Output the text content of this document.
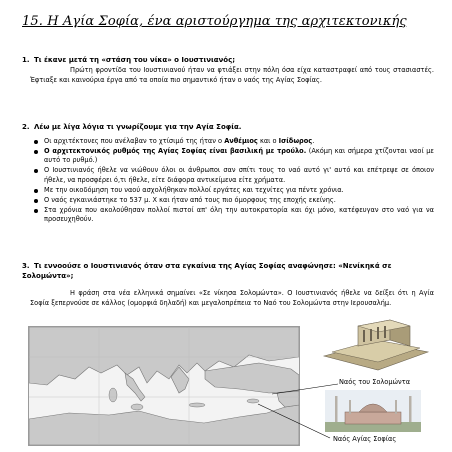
15. Η Αγία Σοφία, ένα αριστούργημα της αρχιτεκτονικής
1. Τι έκανε μετά τη «στάση του νίκα» ο Ιουστινιανός;
Πρώτη φροντίδα του Ιουστινιανού ήταν να φτιάξει στην πόλη όσα είχα καταστραφεί από τους στασιαστές. Έφτιαξε και καινούρια έργα από τα οποία πιο σημαντικό ήταν ο ναός της Αγίας Σοφίας.
2. Λέω με λίγα λόγια τι γνωρίζουμε για την Αγία Σοφία.
Οι αρχιτέκτονες που ανέλαβαν το χτίσιμό της ήταν ο Ανθέμιος και ο Ισίδωρος.
Ο αρχιτεκτονικός ρυθμός της Αγίας Σοφίας είναι βασιλική με τρούλο. (Ακόμη και σήμερα χτίζονται ναοί με αυτό το ρυθμό.)
Ο Ιουστινιανός ήθελε να νιώθουν όλοι οι άνθρωποι σαν σπίτι τους το ναό αυτό γι' αυτό και επέτρεψε σε όποιον ήθελε, να προσφέρει ό,τι ήθελε, είτε διάφορα αντικείμενα είτε χρήματα.
Με την οικοδόμηση του ναού ασχολήθηκαν πολλοί εργάτες και τεχνίτες για πέντε χρόνια.
Ο ναός εγκαινιάστηκε το 537 μ. Χ και ήταν από τους πιο όμορφους της εποχής εκείνης.
Στα χρόνια που ακολούθησαν πολλοί πιστοί απ' όλη την αυτοκρατορία και όχι μόνο, κατέφευγαν στο ναό για να προσευχηθούν.
3. Τι εννοούσε ο Ιουστινιανός όταν στα εγκαίνια της Αγίας Σοφίας αναφώνησε: «Νενίκηκά σε Σολομώντα»;
Η φράση στα νέα ελληνικά σημαίνει «Σε νίκησα Σολομώντα». Ο Ιουστινιανός ήθελε να δείξει ότι η Αγία Σοφία ξεπερνούσε σε κάλλος (ομορφιά δηλαδή) και μεγαλοπρέπεια το Ναό του Σολομώντα στην Ιερουσαλήμ.
Ναός του Σολομώντα
Ναός Αγίας Σοφίας
